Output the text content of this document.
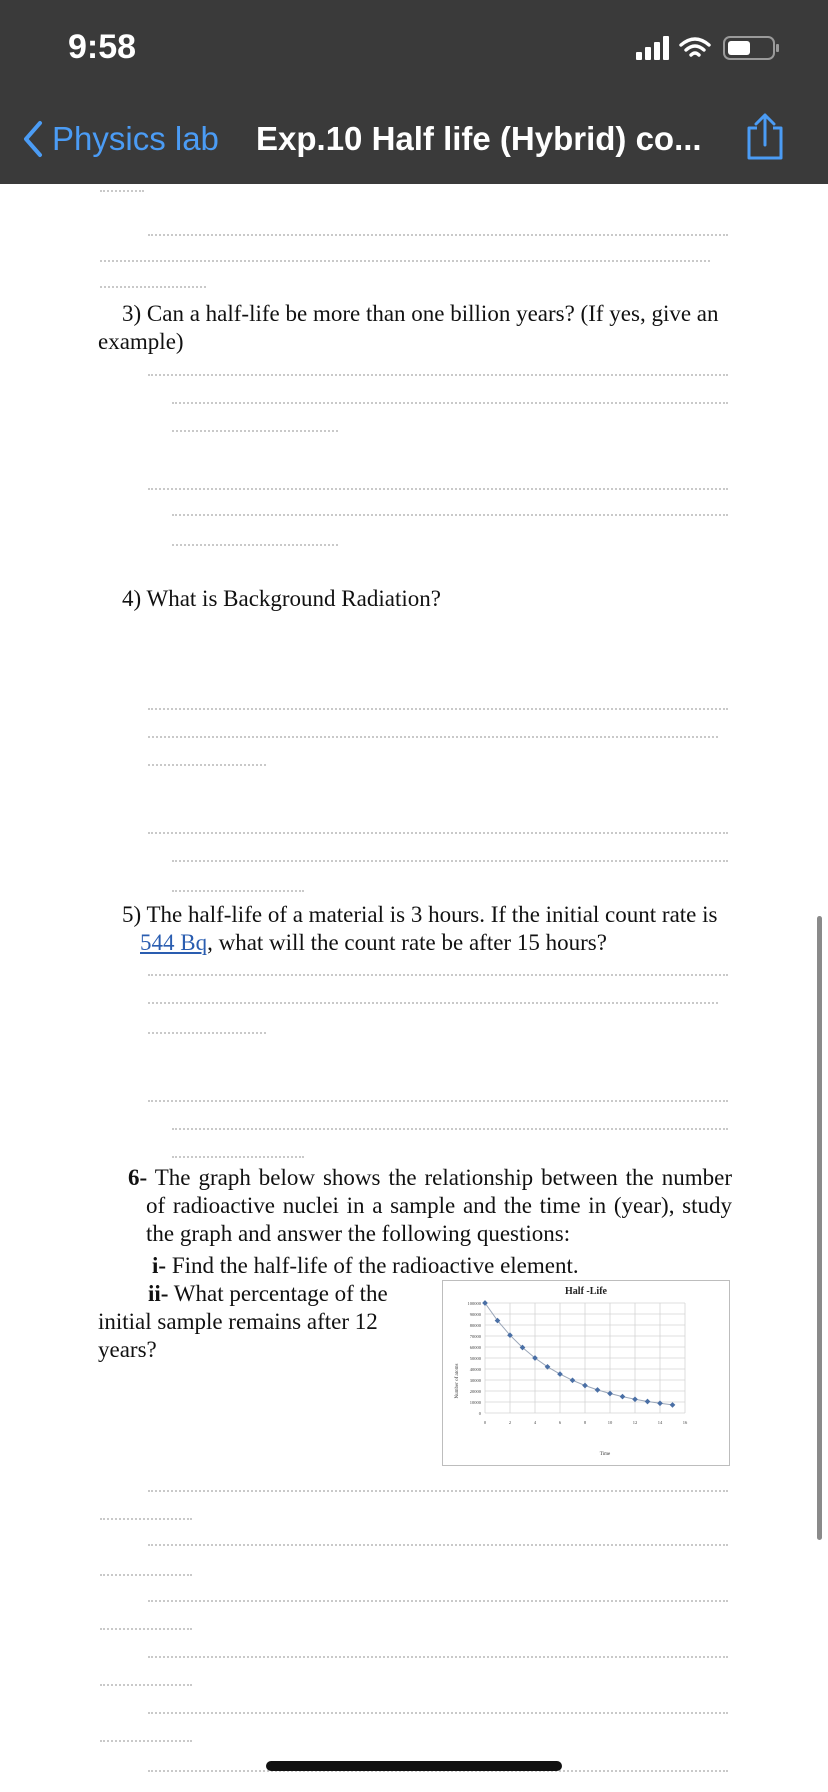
9:58
Physics lab Exp.10 Half life (Hybrid) co...
3) Can a half-life be more than one billion years? (If yes, give an example)
4) What is Background Radiation?
5) The half-life of a material is 3 hours. If the initial count rate is 544 Bq, what will the count rate be after 15 hours?
6- The graph below shows the relationship between the number of radioactive nuclei in a sample and the time in (year), study the graph and answer the following questions:
i- Find the half-life of the radioactive element.
ii- What percentage of the initial sample remains after 12 years?
Half -Life
Number of atoms
Time
0	2	4	6	8	10	12	14	16
100000
90000
80000
70000
60000
50000
40000
30000
20000
10000
0
